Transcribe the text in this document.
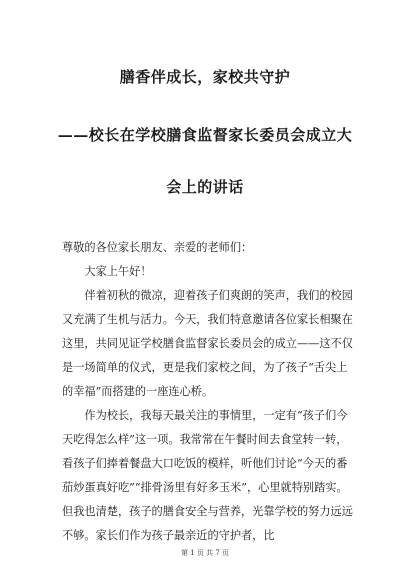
膳香伴成长，家校共守护
——校长在学校膳食监督家长委员会成立大
会上的讲话

尊敬的各位家长朋友、亲爱的老师们：

大家上午好！

伴着初秋的微凉，迎着孩子们爽朗的笑声，我们的校园又充满了生机与活力。今天，我们特意邀请各位家长相聚在这里，共同见证学校膳食监督家长委员会的成立——这不仅是一场简单的仪式，更是我们家校之间，为了孩子“舌尖上的幸福”而搭建的一座连心桥。

作为校长，我每天最关注的事情里，一定有“孩子们今天吃得怎么样”这一项。我常常在午餐时间去食堂转一转，看孩子们捧着餐盘大口吃饭的模样，听他们讨论“今天的番茄炒蛋真好吃”“排骨汤里有好多玉米”，心里就特别踏实。但我也清楚，孩子的膳食安全与营养，光靠学校的努力远远不够。家长们作为孩子最亲近的守护者，比

第 1 页 共 7 页
